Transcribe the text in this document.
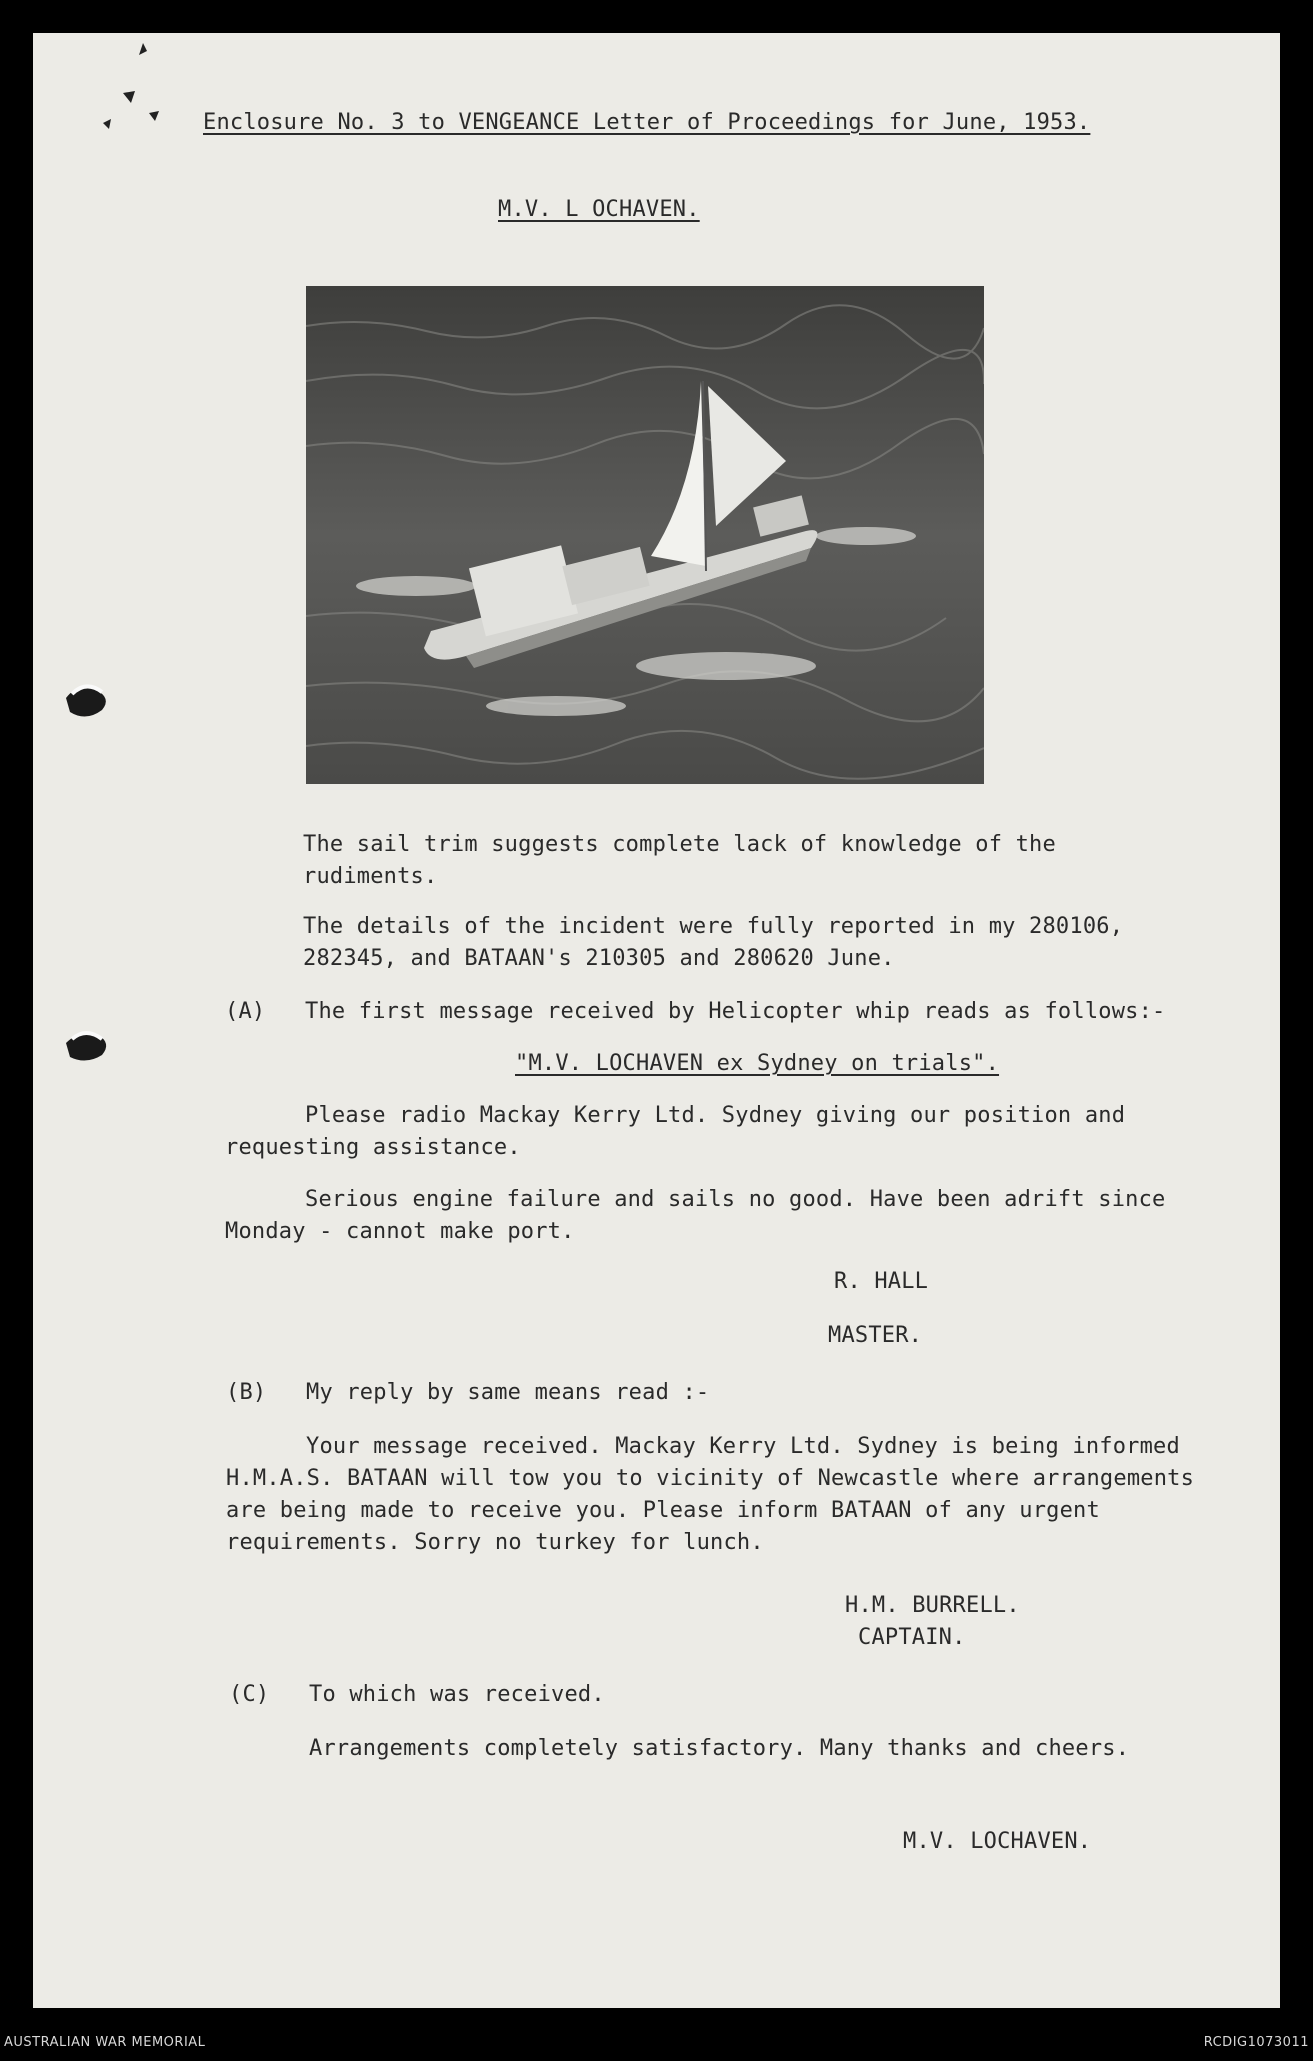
Enclosure No. 3 to VENGEANCE Letter of Proceedings for June, 1953.
M.V. L OCHAVEN.
The sail trim suggests complete lack of knowledge of the
rudiments.
The details of the incident were fully reported in my 280106,
282345, and BATAAN's 210305 and 280620 June.
(A) The first message received by Helicopter whip reads as follows:-
"M.V. LOCHAVEN ex Sydney on trials".
Please radio Mackay Kerry Ltd. Sydney giving our position and
requesting assistance.
Serious engine failure and sails no good. Have been adrift since
Monday - cannot make port.
R. HALL
MASTER.
(B) My reply by same means read :-
Your message received. Mackay Kerry Ltd. Sydney is being informed
H.M.A.S. BATAAN will tow you to vicinity of Newcastle where arrangements
are being made to receive you. Please inform BATAAN of any urgent
requirements. Sorry no turkey for lunch.
H.M. BURRELL.
CAPTAIN.
(C) To which was received.
Arrangements completely satisfactory. Many thanks and cheers.
M.V. LOCHAVEN.
AUSTRALIAN WAR MEMORIAL	RCDIG1073011
